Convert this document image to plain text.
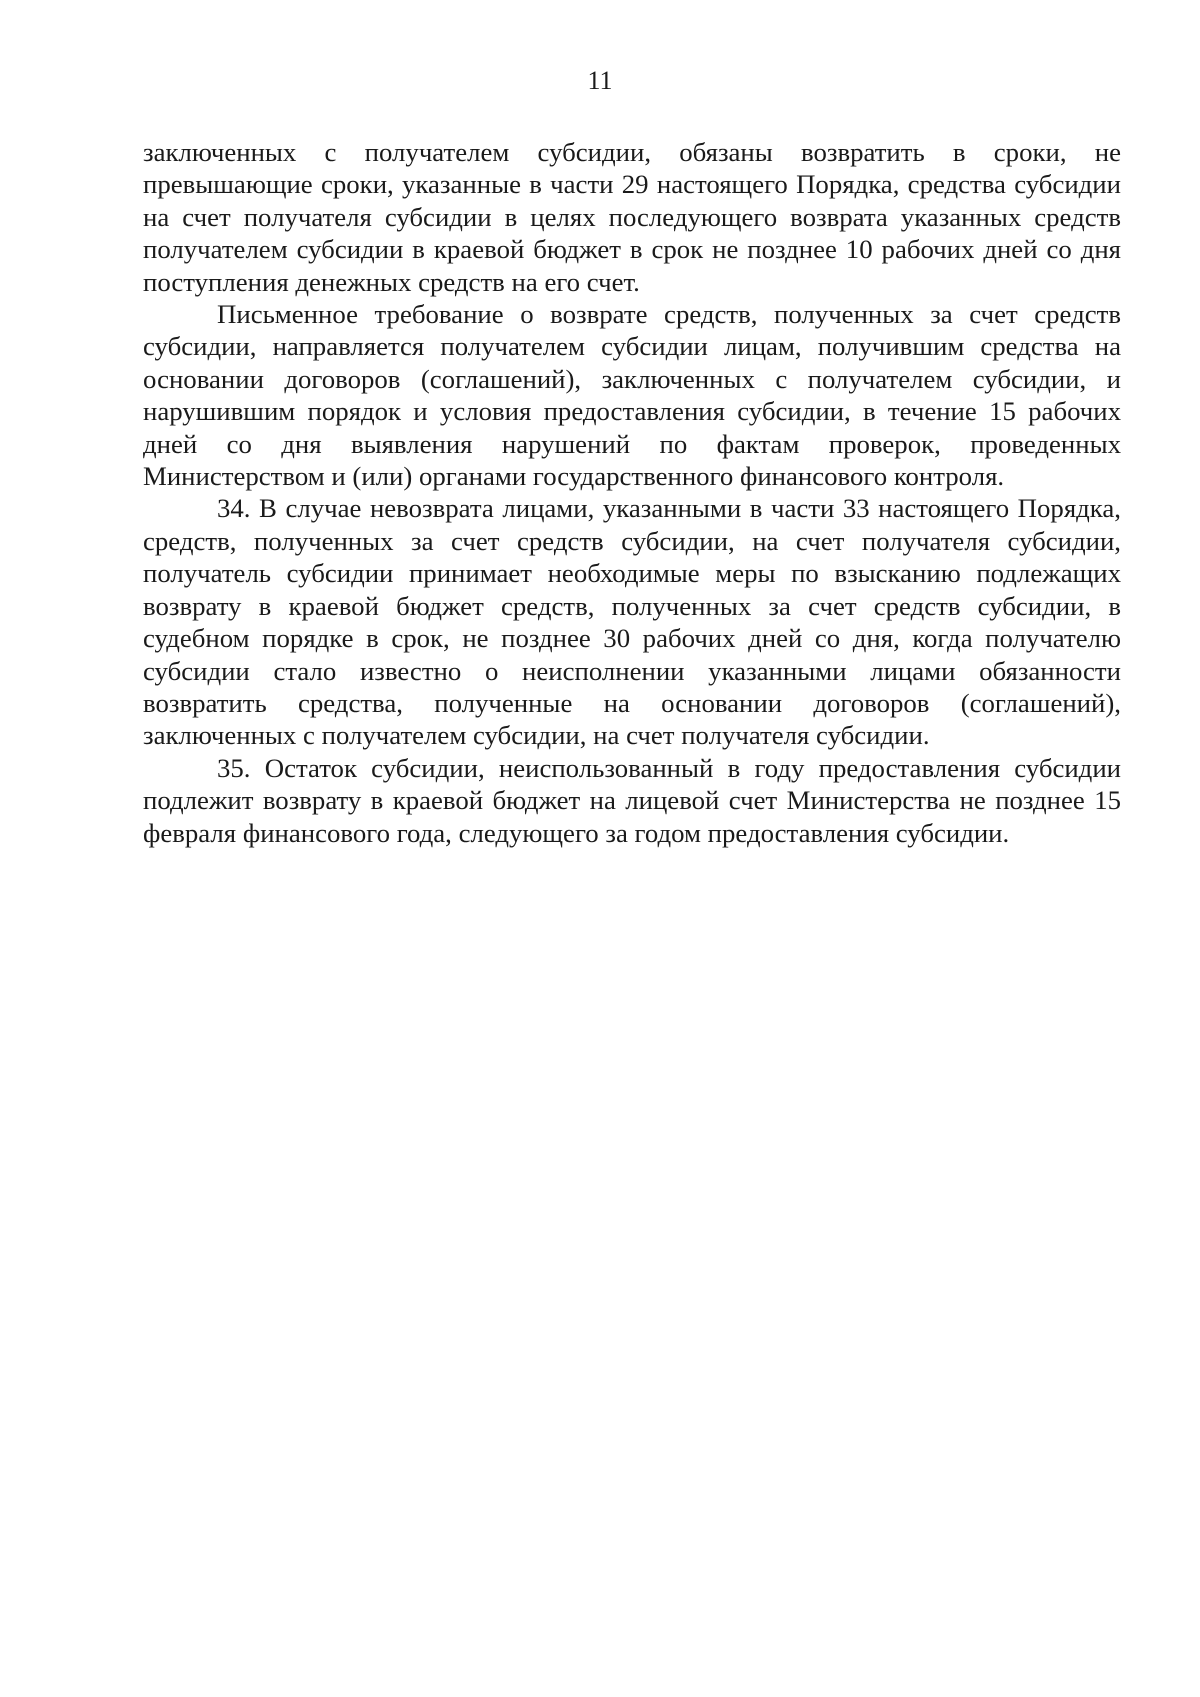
11

заключенных с получателем субсидии, обязаны возвратить в сроки, не превышающие сроки, указанные в части 29 настоящего Порядка, средства субсидии на счет получателя субсидии в целях последующего возврата указанных средств получателем субсидии в краевой бюджет в срок не позднее 10 рабочих дней со дня поступления денежных средств на его счет.

Письменное требование о возврате средств, полученных за счет средств субсидии, направляется получателем субсидии лицам, получившим средства на основании договоров (соглашений), заключенных с получателем субсидии, и нарушившим порядок и условия предоставления субсидии, в течение 15 рабочих дней со дня выявления нарушений по фактам проверок, проведенных Министерством и (или) органами государственного финансового контроля.

34. В случае невозврата лицами, указанными в части 33 настоящего Порядка, средств, полученных за счет средств субсидии, на счет получателя субсидии, получатель субсидии принимает необходимые меры по взысканию подлежащих возврату в краевой бюджет средств, полученных за счет средств субсидии, в судебном порядке в срок, не позднее 30 рабочих дней со дня, когда получателю субсидии стало известно о неисполнении указанными лицами обязанности возвратить средства, полученные на основании договоров (соглашений), заключенных с получателем субсидии, на счет получателя субсидии.

35. Остаток субсидии, неиспользованный в году предоставления субсидии подлежит возврату в краевой бюджет на лицевой счет Министерства не позднее 15 февраля финансового года, следующего за годом предоставления субсидии.
